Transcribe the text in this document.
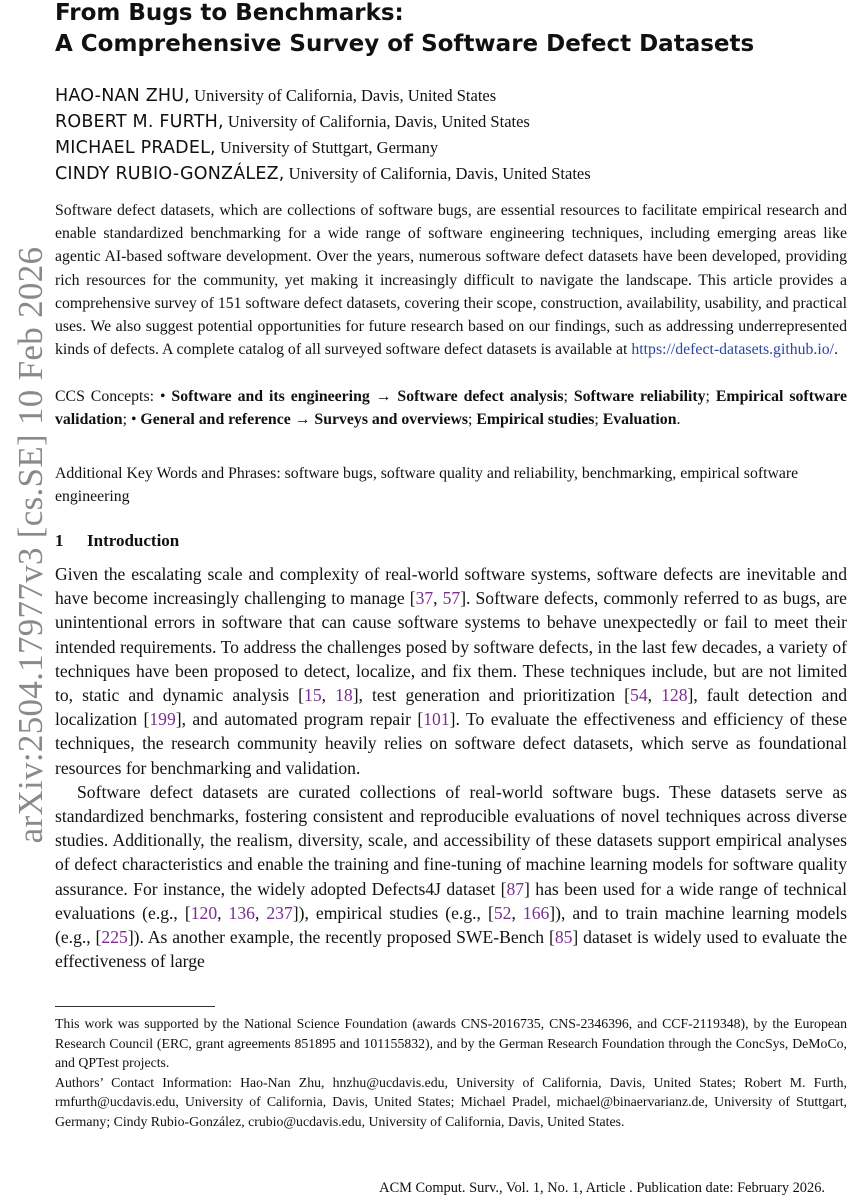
arXiv:2504.17977v3 [cs.SE] 10 Feb 2026
From Bugs to Benchmarks:
A Comprehensive Survey of Software Defect Datasets
HAO-NAN ZHU, University of California, Davis, United States
ROBERT M. FURTH, University of California, Davis, United States
MICHAEL PRADEL, University of Stuttgart, Germany
CINDY RUBIO-GONZÁLEZ, University of California, Davis, United States
Software defect datasets, which are collections of software bugs, are essential resources to facilitate empirical research and enable standardized benchmarking for a wide range of software engineering techniques, including emerging areas like agentic AI-based software development. Over the years, numerous software defect datasets have been developed, providing rich resources for the community, yet making it increasingly difficult to navigate the landscape. This article provides a comprehensive survey of 151 software defect datasets, covering their scope, construction, availability, usability, and practical uses. We also suggest potential opportunities for future research based on our findings, such as addressing underrepresented kinds of defects. A complete catalog of all surveyed software defect datasets is available at https://defect-datasets.github.io/.
CCS Concepts: • Software and its engineering → Software defect analysis; Software reliability; Empirical software validation; • General and reference → Surveys and overviews; Empirical studies; Evaluation.
Additional Key Words and Phrases: software bugs, software quality and reliability, benchmarking, empirical software engineering
1 Introduction

Given the escalating scale and complexity of real-world software systems, software defects are inevitable and have become increasingly challenging to manage [37, 57]. Software defects, commonly referred to as bugs, are unintentional errors in software that can cause software systems to behave unexpectedly or fail to meet their intended requirements. To address the challenges posed by software defects, in the last few decades, a variety of techniques have been proposed to detect, localize, and fix them. These techniques include, but are not limited to, static and dynamic analysis [15, 18], test generation and prioritization [54, 128], fault detection and localization [199], and automated program repair [101]. To evaluate the effectiveness and efficiency of these techniques, the research community heavily relies on software defect datasets, which serve as foundational resources for benchmarking and validation.

Software defect datasets are curated collections of real-world software bugs. These datasets serve as standardized benchmarks, fostering consistent and reproducible evaluations of novel techniques across diverse studies. Additionally, the realism, diversity, scale, and accessibility of these datasets support empirical analyses of defect characteristics and enable the training and fine-tuning of machine learning models for software quality assurance. For instance, the widely adopted Defects4J dataset [87] has been used for a wide range of technical evaluations (e.g., [120, 136, 237]), empirical studies (e.g., [52, 166]), and to train machine learning models (e.g., [225]). As another example, the recently proposed SWE-Bench [85] dataset is widely used to evaluate the effectiveness of large

This work was supported by the National Science Foundation (awards CNS-2016735, CNS-2346396, and CCF-2119348), by the European Research Council (ERC, grant agreements 851895 and 101155832), and by the German Research Foundation through the ConcSys, DeMoCo, and QPTest projects.

Authors’ Contact Information: Hao-Nan Zhu, hnzhu@ucdavis.edu, University of California, Davis, United States; Robert M. Furth, rmfurth@ucdavis.edu, University of California, Davis, United States; Michael Pradel, michael@binaervarianz.de, University of Stuttgart, Germany; Cindy Rubio-González, crubio@ucdavis.edu, University of California, Davis, United States.

ACM Comput. Surv., Vol. 1, No. 1, Article . Publication date: February 2026.
